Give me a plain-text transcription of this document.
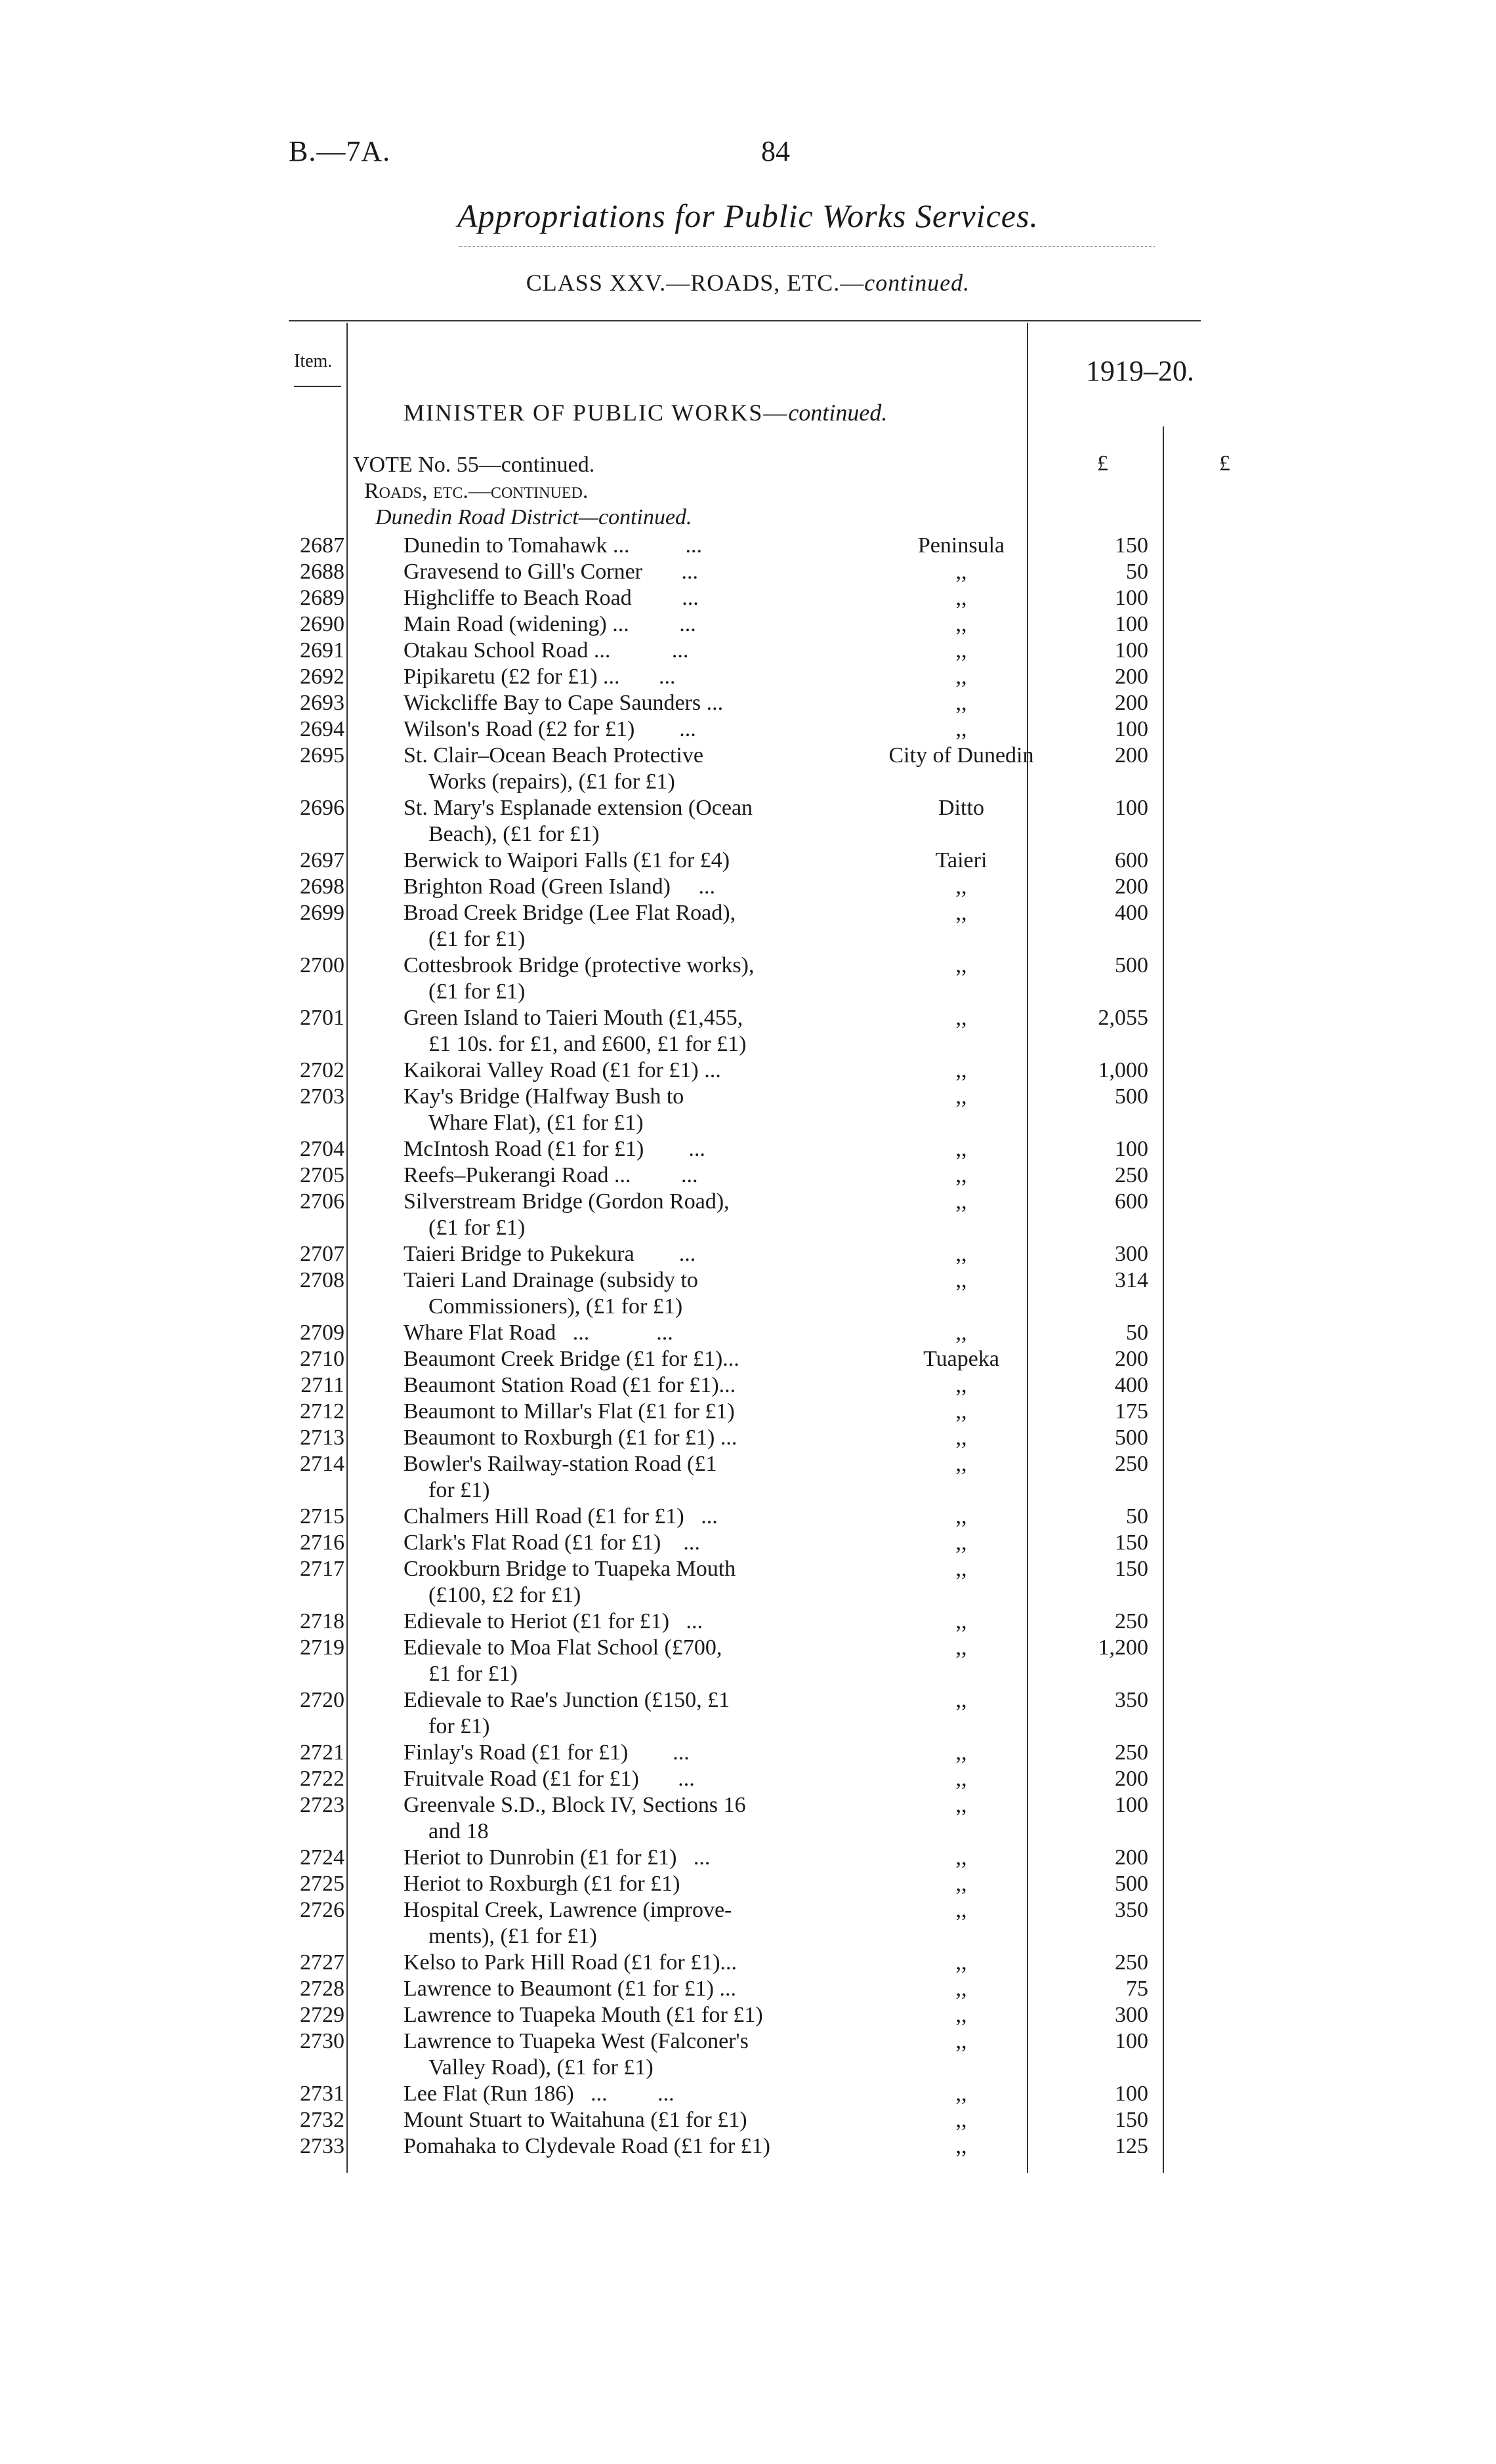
B.—7A.	84
Appropriations for Public Works Services.
CLASS XXV.—ROADS, ETC.—continued.
Item.	1919–20.
MINISTER OF PUBLIC WORKS—continued.
£	£
VOTE No. 55—continued.
Roads, etc.—continued.
Dunedin Road District—continued.
2687	Dunedin to Tomahawk ...          ...	Peninsula	150
2688	Gravesend to Gill's Corner       ...	,,	50
2689	Highcliffe to Beach Road         ...	,,	100
2690	Main Road (widening) ...         ...	,,	100
2691	Otakau School Road ...           ...	,,	100
2692	Pipikaretu (£2 for £1) ...       ...	,,	200
2693	Wickcliffe Bay to Cape Saunders ...	,,	200
2694	Wilson's Road (£2 for £1)        ...	,,	100
2695	St. Clair–Ocean Beach Protective
Works (repairs), (£1 for £1)
City of Dunedin	200
2696	St. Mary's Esplanade extension (Ocean
Beach), (£1 for £1)
Ditto	100
2697	Berwick to Waipori Falls (£1 for £4)	Taieri	600
2698	Brighton Road (Green Island)     ...	,,	200
2699	Broad Creek Bridge (Lee Flat Road),
(£1 for £1)
,,	400
2700	Cottesbrook Bridge (protective works),
(£1 for £1)
,,	500
2701	Green Island to Taieri Mouth (£1,455,
£1 10s. for £1, and £600, £1 for £1)
,,	2,055
2702	Kaikorai Valley Road (£1 for £1) ...	,,	1,000
2703	Kay's Bridge (Halfway Bush to
Whare Flat), (£1 for £1)
,,	500
2704	McIntosh Road (£1 for £1)        ...	,,	100
2705	Reefs–Pukerangi Road ...         ...	,,	250
2706	Silverstream Bridge (Gordon Road),
(£1 for £1)
,,	600
2707	Taieri Bridge to Pukekura        ...	,,	300
2708	Taieri Land Drainage (subsidy to
Commissioners), (£1 for £1)
,,	314
2709	Whare Flat Road   ...            ...	,,	50
2710	Beaumont Creek Bridge (£1 for £1)...	Tuapeka	200
2711	Beaumont Station Road (£1 for £1)...	,,	400
2712	Beaumont to Millar's Flat (£1 for £1)	,,	175
2713	Beaumont to Roxburgh (£1 for £1) ...	,,	500
2714	Bowler's Railway-station Road (£1
for £1)
,,	250
2715	Chalmers Hill Road (£1 for £1)   ...	,,	50
2716	Clark's Flat Road (£1 for £1)    ...	,,	150
2717	Crookburn Bridge to Tuapeka Mouth
(£100, £2 for £1)
,,	150
2718	Edievale to Heriot (£1 for £1)   ...	,,	250
2719	Edievale to Moa Flat School (£700,
£1 for £1)
,,	1,200
2720	Edievale to Rae's Junction (£150, £1
for £1)
,,	350
2721	Finlay's Road (£1 for £1)        ...	,,	250
2722	Fruitvale Road (£1 for £1)       ...	,,	200
2723	Greenvale S.D., Block IV, Sections 16
and 18
,,	100
2724	Heriot to Dunrobin (£1 for £1)   ...	,,	200
2725	Heriot to Roxburgh (£1 for £1)	,,	500
2726	Hospital Creek, Lawrence (improve-
ments), (£1 for £1)
,,	350
2727	Kelso to Park Hill Road (£1 for £1)...	,,	250
2728	Lawrence to Beaumont (£1 for £1) ...	,,	75
2729	Lawrence to Tuapeka Mouth (£1 for £1)	,,	300
2730	Lawrence to Tuapeka West (Falconer's
Valley Road), (£1 for £1)
,,	100
2731	Lee Flat (Run 186)   ...         ...	,,	100
2732	Mount Stuart to Waitahuna (£1 for £1)	,,	150
2733	Pomahaka to Clydevale Road (£1 for £1)	,,	125
